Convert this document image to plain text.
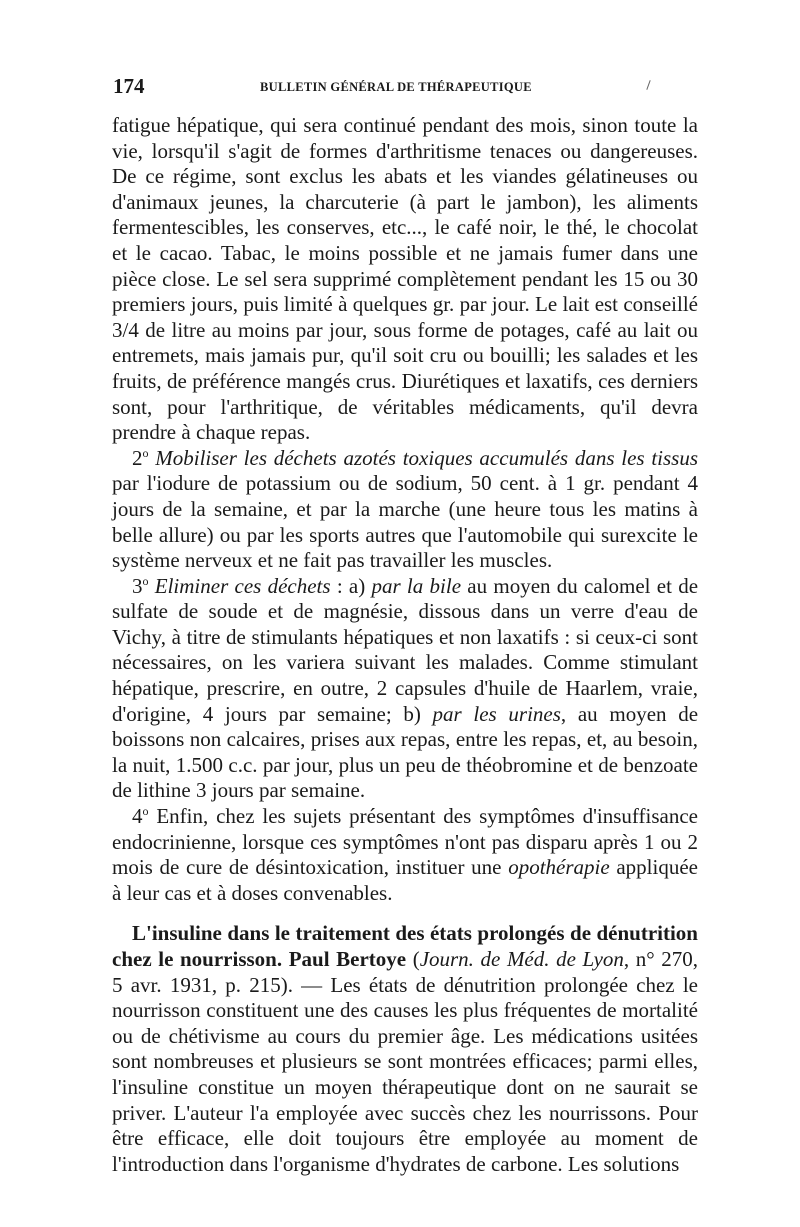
174	BULLETIN GÉNÉRAL DE THÉRAPEUTIQUE

fatigue hépatique, qui sera continué pendant des mois, sinon toute la vie, lorsqu'il s'agit de formes d'arthritisme tenaces ou dangereuses. De ce régime, sont exclus les abats et les viandes gélatineuses ou d'animaux jeunes, la charcuterie (à part le jambon), les aliments fermentescibles, les conserves, etc..., le café noir, le thé, le chocolat et le cacao. Tabac, le moins possible et ne jamais fumer dans une pièce close. Le sel sera supprimé complètement pendant les 15 ou 30 premiers jours, puis limité à quelques gr. par jour. Le lait est conseillé 3/4 de litre au moins par jour, sous forme de potages, café au lait ou entremets, mais jamais pur, qu'il soit cru ou bouilli; les salades et les fruits, de préférence mangés crus. Diurétiques et laxatifs, ces derniers sont, pour l'arthritique, de véritables médicaments, qu'il devra prendre à chaque repas.

2$^o$ Mobiliser les déchets azotés toxiques accumulés dans les tissus par l'iodure de potassium ou de sodium, 50 cent. à 1 gr. pendant 4 jours de la semaine, et par la marche (une heure tous les matins à belle allure) ou par les sports autres que l'automobile qui surexcite le système nerveux et ne fait pas travailler les muscles.

3$^o$ Eliminer ces déchets : a) par la bile au moyen du calomel et de sulfate de soude et de magnésie, dissous dans un verre d'eau de Vichy, à titre de stimulants hépatiques et non laxatifs : si ceux-ci sont nécessaires, on les variera suivant les malades. Comme stimulant hépatique, prescrire, en outre, 2 capsules d'huile de Haarlem, vraie, d'origine, 4 jours par semaine; b) par les urines, au moyen de boissons non calcaires, prises aux repas, entre les repas, et, au besoin, la nuit, 1.500 c.c. par jour, plus un peu de théobromine et de benzoate de lithine 3 jours par semaine.

4$^o$ Enfin, chez les sujets présentant des symptômes d'insuffisance endocrinienne, lorsque ces symptômes n'ont pas disparu après 1 ou 2 mois de cure de désintoxication, instituer une opothérapie appliquée à leur cas et à doses convenables.

L'insuline dans le traitement des états prolongés de dénutrition chez le nourrisson. Paul Bertoye (Journ. de Méd. de Lyon, n° 270, 5 avr. 1931, p. 215). — Les états de dénutrition prolongée chez le nourrisson constituent une des causes les plus fréquentes de mortalité ou de chétivisme au cours du premier âge. Les médications usitées sont nombreuses et plusieurs se sont montrées efficaces; parmi elles, l'insuline constitue un moyen thérapeutique dont on ne saurait se priver. L'auteur l'a employée avec succès chez les nourrissons. Pour être efficace, elle doit toujours être employée au moment de l'introduction dans l'organisme d'hydrates de carbone. Les solutions
